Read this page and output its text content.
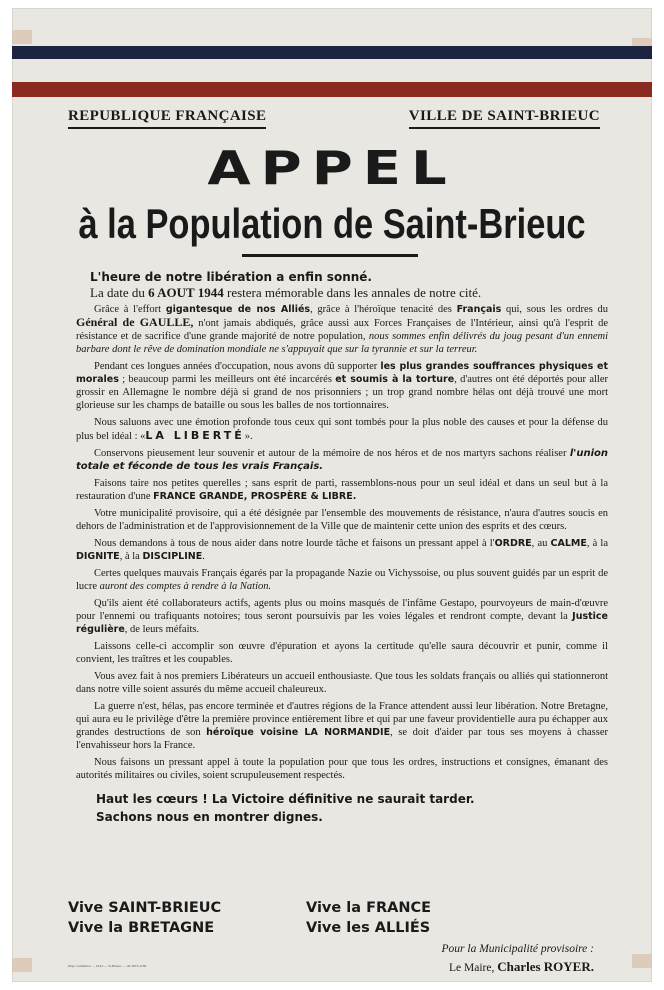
REPUBLIQUE FRANÇAISE	VILLE DE SAINT-BRIEUC
APPEL
à la Population de Saint-Brieuc
L'heure de notre libération a enfin sonné.
La date du 6 AOUT 1944 restera mémorable dans les annales de notre cité.

Grâce à l'effort gigantesque de nos Alliés, grâce à l'héroïque tenacité des Français qui, sous les ordres du Général de GAULLE, n'ont jamais abdiqués, grâce aussi aux Forces Françaises de l'Intérieur, ainsi qu'à l'esprit de résistance et de sacrifice d'une grande majorité de notre population, nous sommes enfin délivrés du joug pesant d'un ennemi barbare dont le rêve de domination mondiale ne s'appuyait que sur la tyrannie et sur la terreur.

Pendant ces longues années d'occupation, nous avons dû supporter les plus grandes souffrances physiques et morales ; beaucoup parmi les meilleurs ont été incarcérés et soumis à la torture, d'autres ont été déportés pour aller grossir en Allemagne le nombre déjà si grand de nos prisonniers ; un trop grand nombre hélas ont déjà trouvé une mort glorieuse sur les champs de bataille ou sous les balles de nos tortionnaires.

Nous saluons avec une émotion profonde tous ceux qui sont tombés pour la plus noble des causes et pour la défense du plus bel idéal : «LA LIBERTÉ».

Conservons pieusement leur souvenir et autour de la mémoire de nos héros et de nos martyrs sachons réaliser l'union totale et féconde de tous les vrais Français.

Faisons taire nos petites querelles ; sans esprit de parti, rassemblons-nous pour un seul idéal et dans un seul but à la restauration d'une FRANCE GRANDE, PROSPÈRE & LIBRE.

Votre municipalité provisoire, qui a été désignée par l'ensemble des mouvements de résistance, n'aura d'autres soucis en dehors de l'administration et de l'approvisionnement de la Ville que de maintenir cette union des esprits et des cœurs.

Nous demandons à tous de nous aider dans notre lourde tâche et faisons un pressant appel à l'ORDRE, au CALME, à la DIGNITE, à la DISCIPLINE.

Certes quelques mauvais Français égarés par la propagande Nazie ou Vichyssoise, ou plus souvent guidés par un esprit de lucre auront des comptes à rendre à la Nation.

Qu'ils aient été collaborateurs actifs, agents plus ou moins masqués de l'infâme Gestapo, pourvoyeurs de main-d'œuvre pour l'ennemi ou trafiquants notoires; tous seront poursuivis par les voies légales et rendront compte, devant la Justice régulière, de leurs méfaits.

Laissons celle-ci accomplir son œuvre d'épuration et ayons la certitude qu'elle saura découvrir et punir, comme il convient, les traîtres et les coupables.

Vous avez fait à nos premiers Libérateurs un accueil enthousiaste. Que tous les soldats français ou alliés qui stationneront dans notre ville soient assurés du même accueil chaleureux.

La guerre n'est, hélas, pas encore terminée et d'autres régions de la France attendent aussi leur libération. Notre Bretagne, qui aura eu le privilège d'être la première province entièrement libre et qui par une faveur providentielle aura pu échapper aux grandes destructions de son héroïque voisine LA NORMANDIE, se doit d'aider par tous ses moyens à chasser l'envahisseur hors la France.

Nous faisons un pressant appel à toute la population pour que tous les ordres, instructions et consignes, émanant des autorités militaires ou civiles, soient scrupuleusement respectés.

Haut les cœurs ! La Victoire définitive ne saurait tarder.
Sachons nous en montrer dignes.
Vive SAINT-BRIEUC	Vive la FRANCE
Vive la BRETAGNE	Vive les ALLIÉS
Pour la Municipalité provisoire :
Le Maire, Charles ROYER.
Impr. Guillemot — 1944 — St-Brieuc — 46-3816 4180
